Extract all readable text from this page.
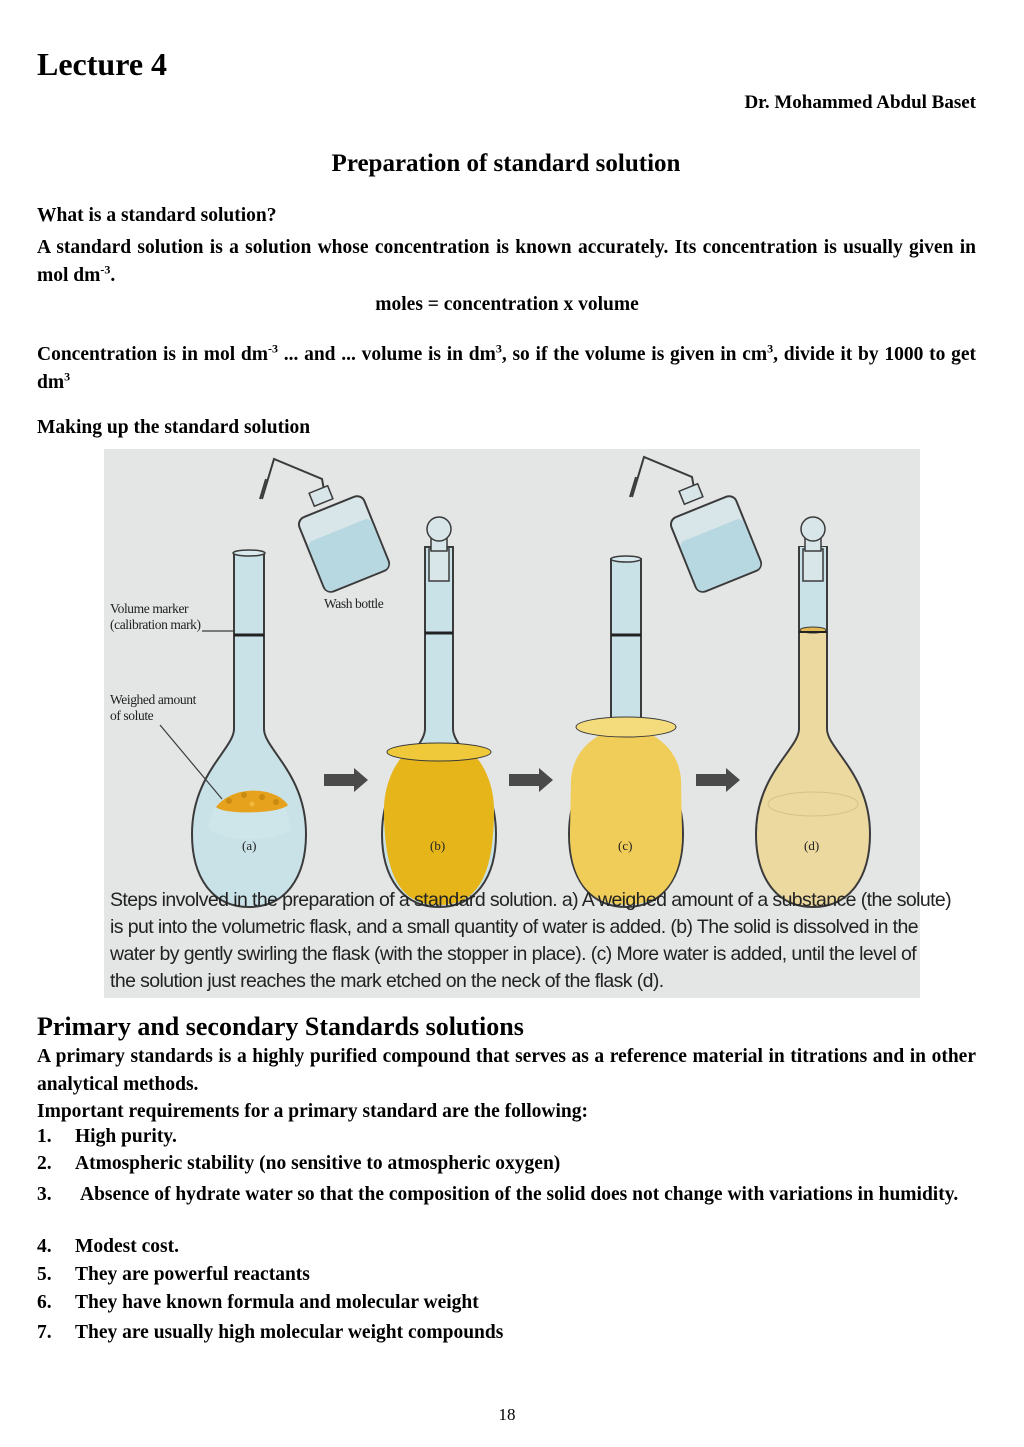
Lecture 4
Dr. Mohammed Abdul Baset
Preparation of standard solution
What is a standard solution?
A standard solution is a solution whose concentration is known accurately. Its concentration is usually given in mol $dm^{-3}$.
moles = concentration x volume
Concentration is in mol $dm^{-3}$ ... and ... volume is in $dm^3$, so if the volume is given in $cm^3$, divide it by 1000 to get $dm^3$
Making up the standard solution
Volume marker
(calibration mark)
Weighed amount
of solute
Wash bottle
(a)	(b)	(c)	(d)
Steps involved in the preparation of a standard solution. a) A weighed amount of a substance (the solute)
is put into the volumetric flask, and a small quantity of water is added. (b) The solid is dissolved in the
water by gently swirling the flask (with the stopper in place). (c) More water is added, until the level of
the solution just reaches the mark etched on the neck of the flask (d).
Primary and secondary Standards solutions
A primary standards is a highly purified compound that serves as a reference material in titrations and in other analytical methods.
Important requirements for a primary standard are the following:
1. High purity.
2. Atmospheric stability (no sensitive to atmospheric oxygen)
3. Absence of hydrate water so that the composition of the solid does not change with variations in humidity.
4. Modest cost.
5. They are powerful reactants
6. They have known formula and molecular weight
7. They are usually high molecular weight compounds
18
